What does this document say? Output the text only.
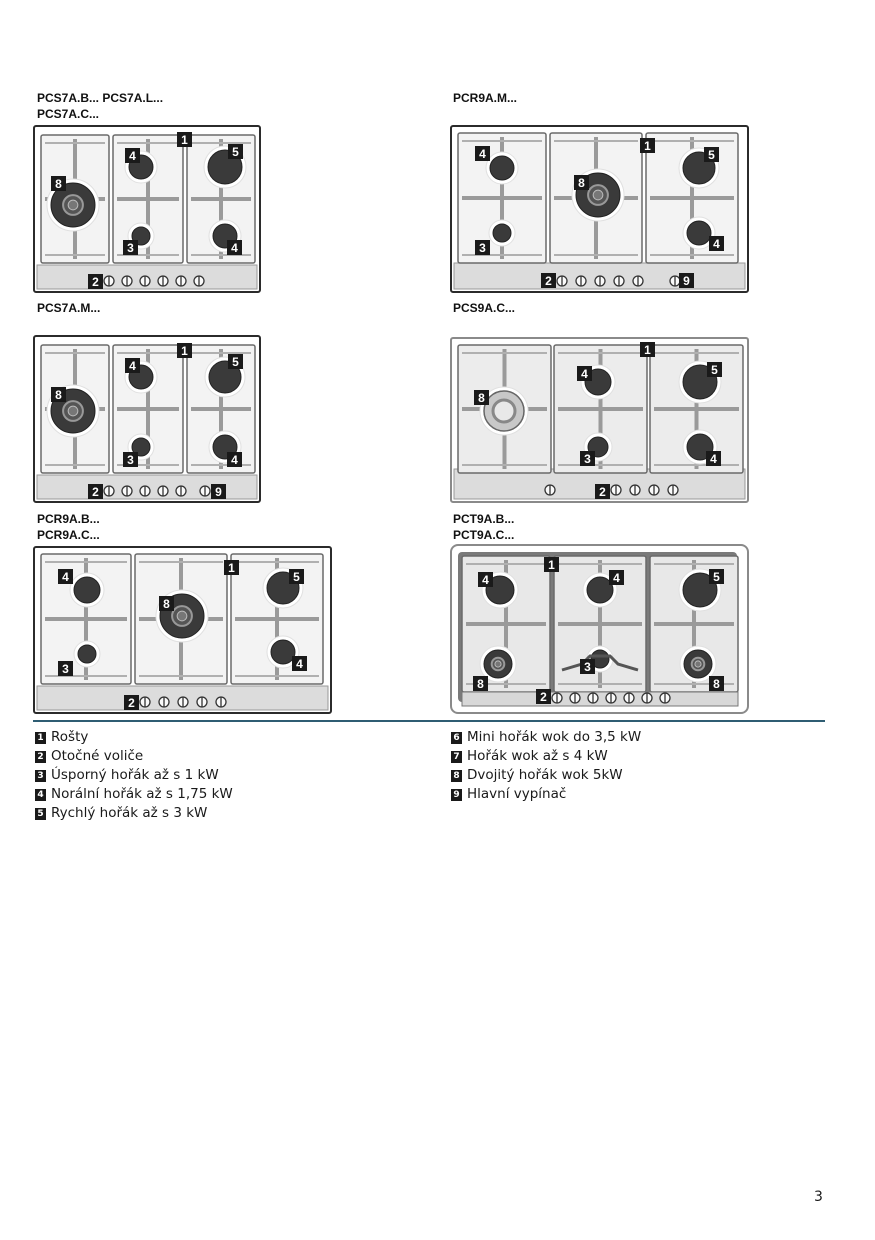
PCS7A.B... PCS7A.L...
PCS7A.C...
PCR9A.M...
PCS7A.M...	PCS9A.C...
PCR9A.B...
PCR9A.C...
PCT9A.B...
PCT9A.C...
1
4	5
8
3	4
2
4
1
5
8
3	4
2	9
1
4	5
8
3	4
2	9
1
4	5
8
3	4
2
4
1
5
8
3	4
2
4
1
4	5
3
8	8
2
1 Rošty
2 Otočné voliče
3 Úsporný hořák až s 1 kW
4 Norální hořák až s 1,75 kW
5 Rychlý hořák až s 3 kW
6 Mini hořák wok do 3,5 kW
7 Hořák wok až s 4 kW
8 Dvojitý hořák wok 5kW
9 Hlavní vypínač
3
